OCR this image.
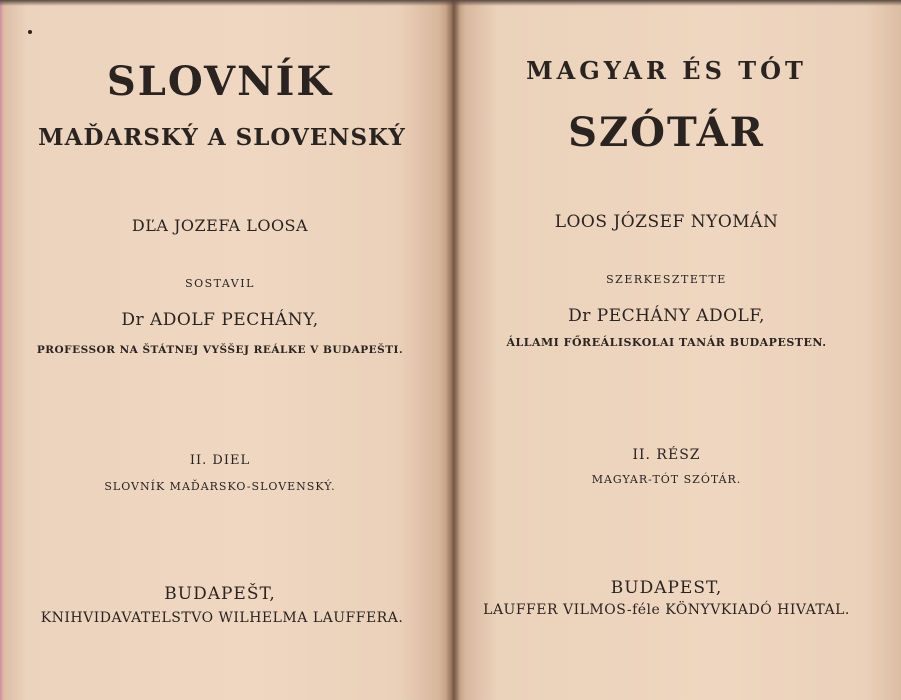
SLOVNÍK
MAĎARSKÝ A SLOVENSKÝ
DĽA JOZEFA LOOSA
SOSTAVIL
Dr ADOLF PECHÁNY,
PROFESSOR NA ŠTÁTNEJ VYŠŠEJ REÁLKE V BUDAPEŠTI.
II. DIEL
SLOVNÍK MAĎARSKO-SLOVENSKÝ.
BUDAPEŠT,
KNIHVIDAVATELSTVO WILHELMA LAUFFERA.
MAGYAR ÉS TÓT
SZÓTÁR
LOOS JÓZSEF NYOMÁN
SZERKESZTETTE
Dr PECHÁNY ADOLF,
ÁLLAMI FŐREÁLISKOLAI TANÁR BUDAPESTEN.
II. RÉSZ
MAGYAR-TÓT SZÓTÁR.
BUDAPEST,
LAUFFER VILMOS-féle KÖNYVKIADÓ HIVATAL.
